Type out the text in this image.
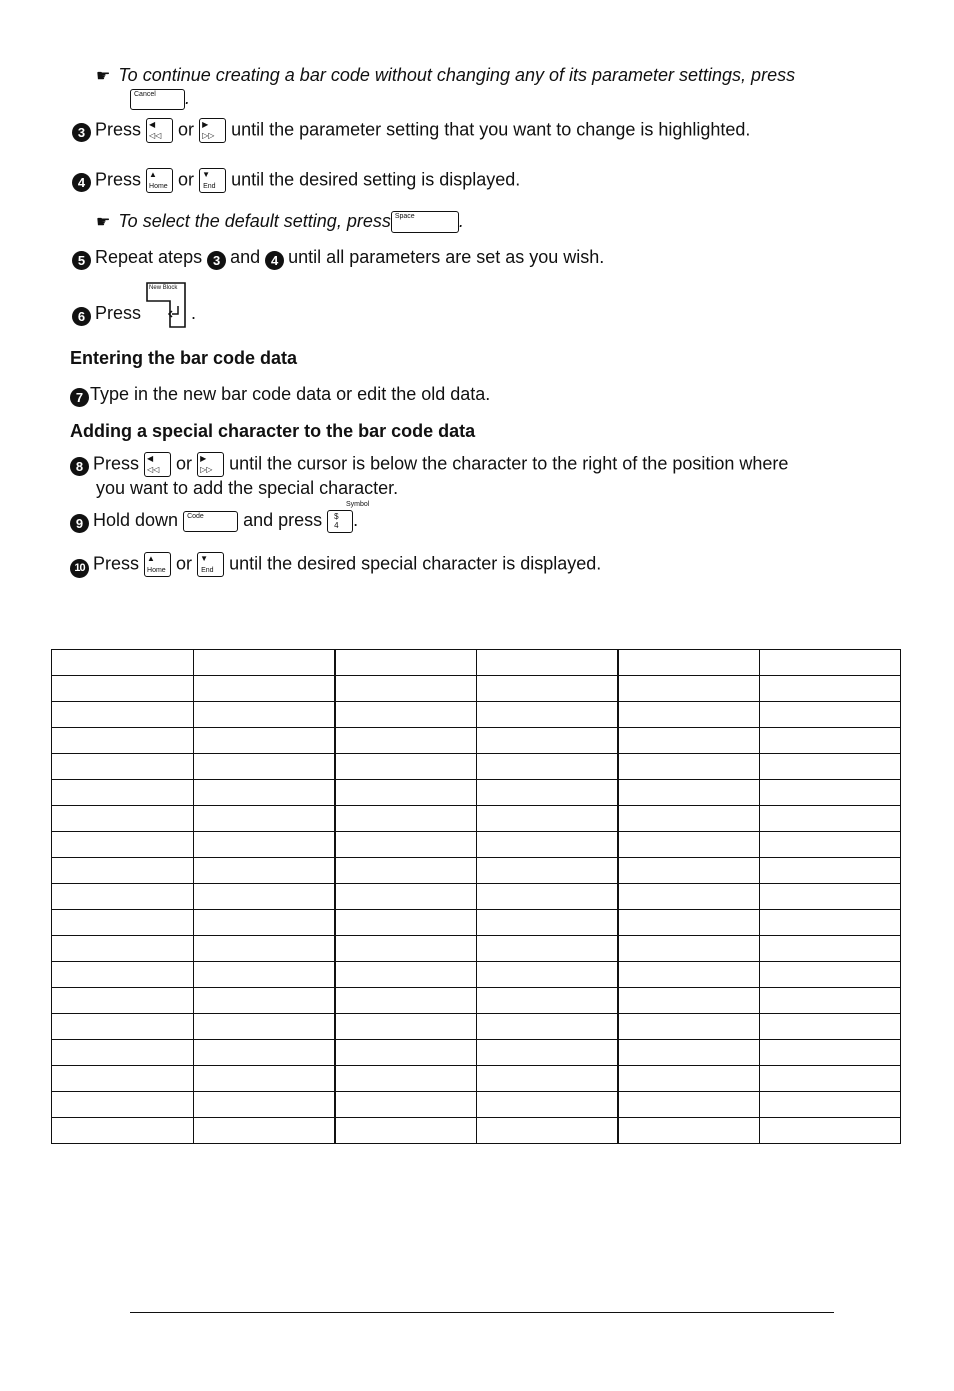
☛ To continue creating a bar code without changing any of its parameter settings, press
Cancel .
3 Press ◀
◁◁ or ▶
▷▷ until the parameter setting that you want to change is highlighted.
4 Press ▲
Home or ▼
End until the desired setting is displayed.
☛ To select the default setting, press Space .
5 Repeat ateps 3 and 4 until all parameters are set as you wish.
6 Press
New Block
.
Entering the bar code data
7 Type in the new bar code data or edit the old data.
Adding a special character to the bar code data
8 Press ◀
◁◁ or ▶
▷▷ until the cursor is below the character to the right of the position where
you want to add the special character.
Symbol
9 Hold down Code and press $
4 .
10 Press ▲
Home or ▼
End until the desired special character is displayed.
